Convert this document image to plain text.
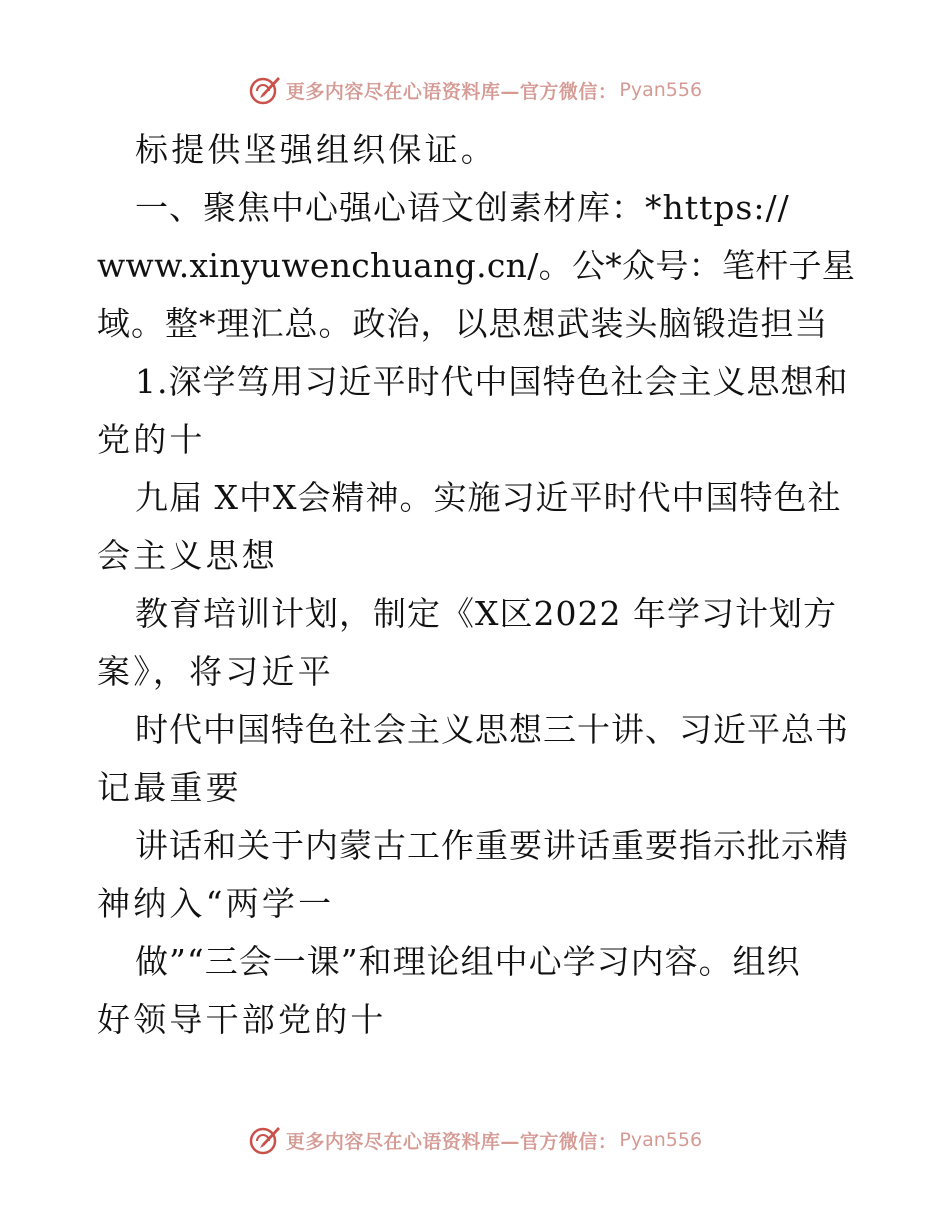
更多内容尽在心语资料库—官方微信： Pyan556
标提供坚强组织保证。
一、聚焦中心强心语文创素材库：*https://
www.xinyuwenchuang.cn/。公*众号：笔杆子星
域。整*理汇总。政治，以思想武装头脑锻造担当
1.深学笃用习近平时代中国特色社会主义思想和
党的十
九届 X中X会精神。实施习近平时代中国特色社
会主义思想
教育培训计划，制定《X区2022 年学习计划方
案》，将习近平
时代中国特色社会主义思想三十讲、习近平总书
记最重要
讲话和关于内蒙古工作重要讲话重要指示批示精
神纳入“两学一
做”“三会一课”和理论组中心学习内容。组织
好领导干部党的十
更多内容尽在心语资料库—官方微信： Pyan556
